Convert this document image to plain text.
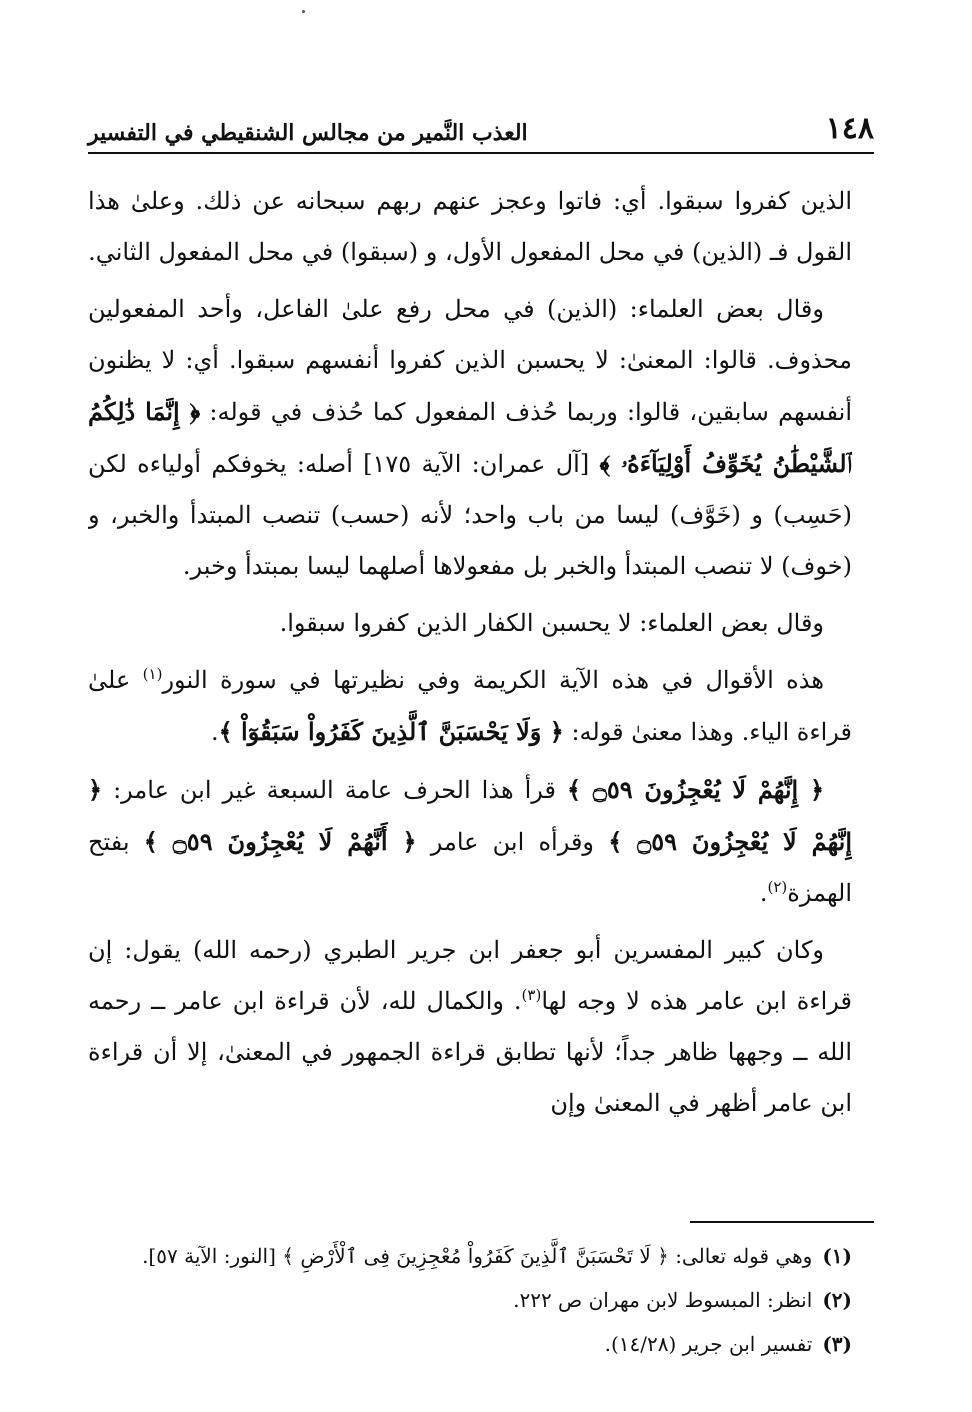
١٤٨
العذب النَّمير من مجالس الشنقيطي في التفسير

الذين كفروا سبقوا. أي: فاتوا وعجز عنهم ربهم سبحانه عن ذلك. وعلىٰ هذا القول فـ (الذين) في محل المفعول الأول، و (سبقوا) في محل المفعول الثاني.

وقال بعض العلماء: (الذين) في محل رفع علىٰ الفاعل، وأحد المفعولين محذوف. قالوا: المعنىٰ: لا يحسبن الذين كفروا أنفسهم سبقوا. أي: لا يظنون أنفسهم سابقين، قالوا: وربما حُذف المفعول كما حُذف في قوله: ﴿ إِنَّمَا ذَٰلِكُمُ ٱلشَّيْطَٰنُ يُخَوِّفُ أَوْلِيَآءَهُۥ ﴾ [آل عمران: الآية ١٧٥] أصله: يخوفكم أولياءه لكن (حَسِب) و (خَوَّف) ليسا من باب واحد؛ لأنه (حسب) تنصب المبتدأ والخبر، و (خوف) لا تنصب المبتدأ والخبر بل مفعولاها أصلهما ليسا بمبتدأ وخبر.

وقال بعض العلماء: لا يحسبن الكفار الذين كفروا سبقوا.

هذه الأقوال في هذه الآية الكريمة وفي نظيرتها في سورة النور$^{(١)}$ علىٰ قراءة الياء. وهذا معنىٰ قوله: ﴿ وَلَا يَحْسَبَنَّ ٱلَّذِينَ كَفَرُواْ سَبَقُوٓاْ ﴾.

﴿ إِنَّهُمْ لَا يُعْجِزُونَ ۝٥٩ ﴾ قرأ هذا الحرف عامة السبعة غير ابن عامر: ﴿ إِنَّهُمْ لَا يُعْجِزُونَ ۝٥٩ ﴾ وقرأه ابن عامر ﴿ أَنَّهُمْ لَا يُعْجِزُونَ ۝٥٩ ﴾ بفتح الهمزة$^{(٢)}$.

وكان كبير المفسرين أبو جعفر ابن جرير الطبري (رحمه الله) يقول: إن قراءة ابن عامر هذه لا وجه لها$^{(٣)}$. والكمال لله، لأن قراءة ابن عامر ــ رحمه الله ــ وجهها ظاهر جداً؛ لأنها تطابق قراءة الجمهور في المعنىٰ، إلا أن قراءة ابن عامر أظهر في المعنىٰ وإن

(١)
وهي قوله تعالى: ﴿ لَا تَحْسَبَنَّ ٱلَّذِينَ كَفَرُواْ مُعْجِزِينَ فِى ٱلْأَرْضِ ﴾ [النور: الآية ٥٧].
(٢)
انظر: المبسوط لابن مهران ص ٢٢٢.
(٣)
تفسير ابن جرير (١٤/٢٨).
